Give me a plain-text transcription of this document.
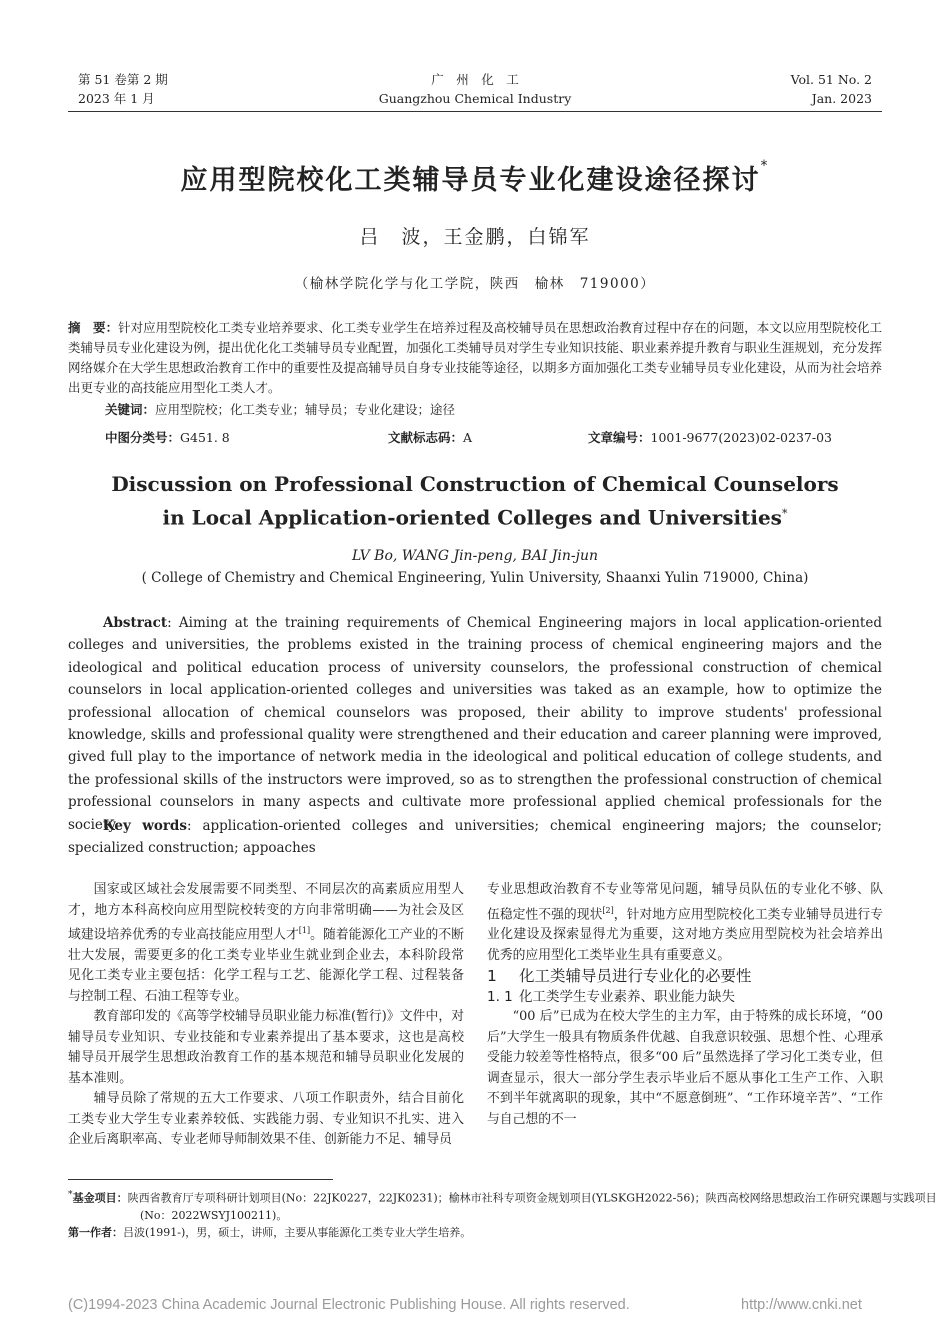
第 51 卷第 2 期
2023 年 1 月
广　州　化　工
Guangzhou Chemical Industry
Vol. 51 No. 2
Jan. 2023
应用型院校化工类辅导员专业化建设途径探讨*
吕　波，王金鹏，白锦军
（榆林学院化学与化工学院，陕西　榆林　719000）
摘　要：针对应用型院校化工类专业培养要求、化工类专业学生在培养过程及高校辅导员在思想政治教育过程中存在的问题，本文以应用型院校化工类辅导员专业化建设为例，提出优化化工类辅导员专业配置，加强化工类辅导员对学生专业知识技能、职业素养提升教育与职业生涯规划，充分发挥网络媒介在大学生思想政治教育工作中的重要性及提高辅导员自身专业技能等途径，以期多方面加强化工类专业辅导员专业化建设，从而为社会培养出更专业的高技能应用型化工类人才。
关键词：应用型院校；化工类专业；辅导员；专业化建设；途径
中图分类号：G451. 8	文献标志码：A	文章编号：1001-9677(2023)02-0237-03
Discussion on Professional Construction of Chemical Counselors
in Local Application-oriented Colleges and Universities*
LV Bo, WANG Jin-peng, BAI Jin-jun
( College of Chemistry and Chemical Engineering, Yulin University, Shaanxi Yulin 719000, China)
Abstract: Aiming at the training requirements of Chemical Engineering majors in local application-oriented colleges and universities, the problems existed in the training process of chemical engineering majors and the ideological and political education process of university counselors, the professional construction of chemical counselors in local application-oriented colleges and universities was taked as an example, how to optimize the professional allocation of chemical counselors was proposed, their ability to improve students' professional knowledge, skills and professional quality were strengthened and their education and career planning were improved, gived full play to the importance of network media in the ideological and political education of college students, and the professional skills of the instructors were improved, so as to strengthen the professional construction of chemical professional counselors in many aspects and cultivate more professional applied chemical professionals for the society.
Key words: application-oriented colleges and universities; chemical engineering majors; the counselor; specialized construction; appoaches

国家或区域社会发展需要不同类型、不同层次的高素质应用型人才，地方本科高校向应用型院校转变的方向非常明确——为社会及区域建设培养优秀的专业高技能应用型人才[1]。随着能源化工产业的不断壮大发展，需要更多的化工类专业毕业生就业到企业去，本科阶段常见化工类专业主要包括：化学工程与工艺、能源化学工程、过程装备与控制工程、石油工程等专业。

教育部印发的《高等学校辅导员职业能力标准(暂行)》文件中，对辅导员专业知识、专业技能和专业素养提出了基本要求，这也是高校辅导员开展学生思想政治教育工作的基本规范和辅导员职业化发展的基本准则。

辅导员除了常规的五大工作要求、八项工作职责外，结合目前化工类专业大学生专业素养较低、实践能力弱、专业知识不扎实、进入企业后离职率高、专业老师导师制效果不佳、创新能力不足、辅导员

专业思想政治教育不专业等常见问题，辅导员队伍的专业化不够、队伍稳定性不强的现状[2]，针对地方应用型院校化工类专业辅导员进行专业化建设及探索显得尤为重要，这对地方类应用型院校为社会培养出优秀的应用型化工类毕业生具有重要意义。

1 化工类辅导员进行专业化的必要性

1. 1 化工类学生专业素养、职业能力缺失

“00 后”已成为在校大学生的主力军，由于特殊的成长环境，“00 后”大学生一般具有物质条件优越、自我意识较强、思想个性、心理承受能力较差等性格特点，很多“00 后”虽然选择了学习化工类专业，但调查显示，很大一部分学生表示毕业后不愿从事化工生产工作、入职不到半年就离职的现象，其中“不愿意倒班”、“工作环境辛苦”、“工作与自己想的不一

*基金项目：陕西省教育厅专项科研计划项目(No：22JK0227，22JK0231)；榆林市社科专项资金规划项目(YLSKGH2022-56)；陕西高校网络思想政治工作研究课题与实践项目(No：2022WSYJ100211)。
第一作者：吕波(1991-)，男，硕士，讲师，主要从事能源化工类专业大学生培养。
(C)1994-2023 China Academic Journal Electronic Publishing House. All rights reserved.	http://www.cnki.net
